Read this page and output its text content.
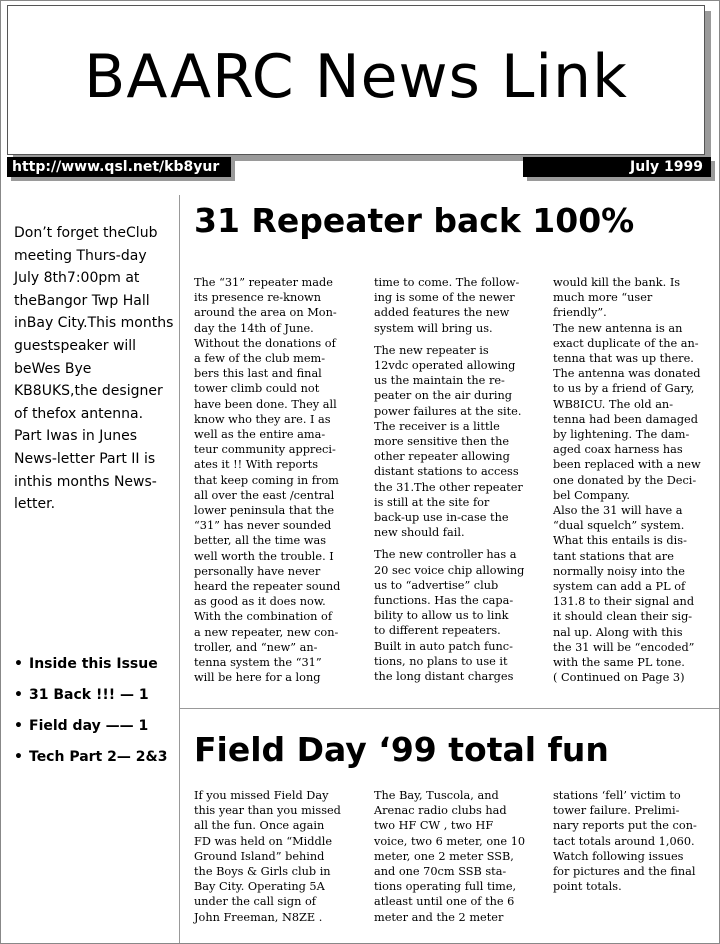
BAARC News Link
http://www.qsl.net/kb8yur	July 1999
Don’t forget theClub meeting Thurs-day July 8th7:00pm at theBangor Twp Hall inBay City.This months guestspeaker will beWes Bye KB8UKS,the designer of thefox antenna. Part Iwas in Junes News-letter Part II is inthis months News-letter.
• Inside this Issue
• 31 Back !!! — 1
• Field day —— 1
• Tech Part 2— 2&3
31 Repeater back 100%
The “31” repeater made
its presence re-known
around the area on Mon-
day the 14th of June.
Without the donations of
a few of the club mem-
bers this last and final
tower climb could not
have been done. They all
know who they are. I as
well as the entire ama-
teur community appreci-
ates it !! With reports
that keep coming in from
all over the east /central
lower peninsula that the
“31” has never sounded
better, all the time was
well worth the trouble. I
personally have never
heard the repeater sound
as good as it does now.
With the combination of
a new repeater, new con-
troller, and “new” an-
tenna system the “31”
will be here for a long
time to come. The follow-
ing is some of the newer
added features the new
system will bring us.
The new repeater is
12vdc operated allowing
us the maintain the re-
peater on the air during
power failures at the site.
The receiver is a little
more sensitive then the
other repeater allowing
distant stations to access
the 31.The other repeater
is still at the site for
back-up use in-case the
new should fail.
The new controller has a
20 sec voice chip allowing
us to “advertise” club
functions. Has the capa-
bility to allow us to link
to different repeaters.
Built in auto patch func-
tions, no plans to use it
the long distant charges
would kill the bank. Is
much more “user
friendly”.
The new antenna is an
exact duplicate of the an-
tenna that was up there.
The antenna was donated
to us by a friend of Gary,
WB8ICU. The old an-
tenna had been damaged
by lightening. The dam-
aged coax harness has
been replaced with a new
one donated by the Deci-
bel Company.
Also the 31 will have a
“dual squelch” system.
What this entails is dis-
tant stations that are
normally noisy into the
system can add a PL of
131.8 to their signal and
it should clean their sig-
nal up. Along with this
the 31 will be “encoded”
with the same PL tone.
( Continued on Page 3)
Field Day ‘99 total fun
If you missed Field Day
this year than you missed
all the fun. Once again
FD was held on “Middle
Ground Island” behind
the Boys & Girls club in
Bay City. Operating 5A
under the call sign of
John Freeman, N8ZE .
The Bay, Tuscola, and
Arenac radio clubs had
two HF CW , two HF
voice, two 6 meter, one 10
meter, one 2 meter SSB,
and one 70cm SSB sta-
tions operating full time,
atleast until one of the 6
meter and the 2 meter
stations ‘fell’ victim to
tower failure. Prelimi-
nary reports put the con-
tact totals around 1,060.
Watch following issues
for pictures and the final
point totals.
